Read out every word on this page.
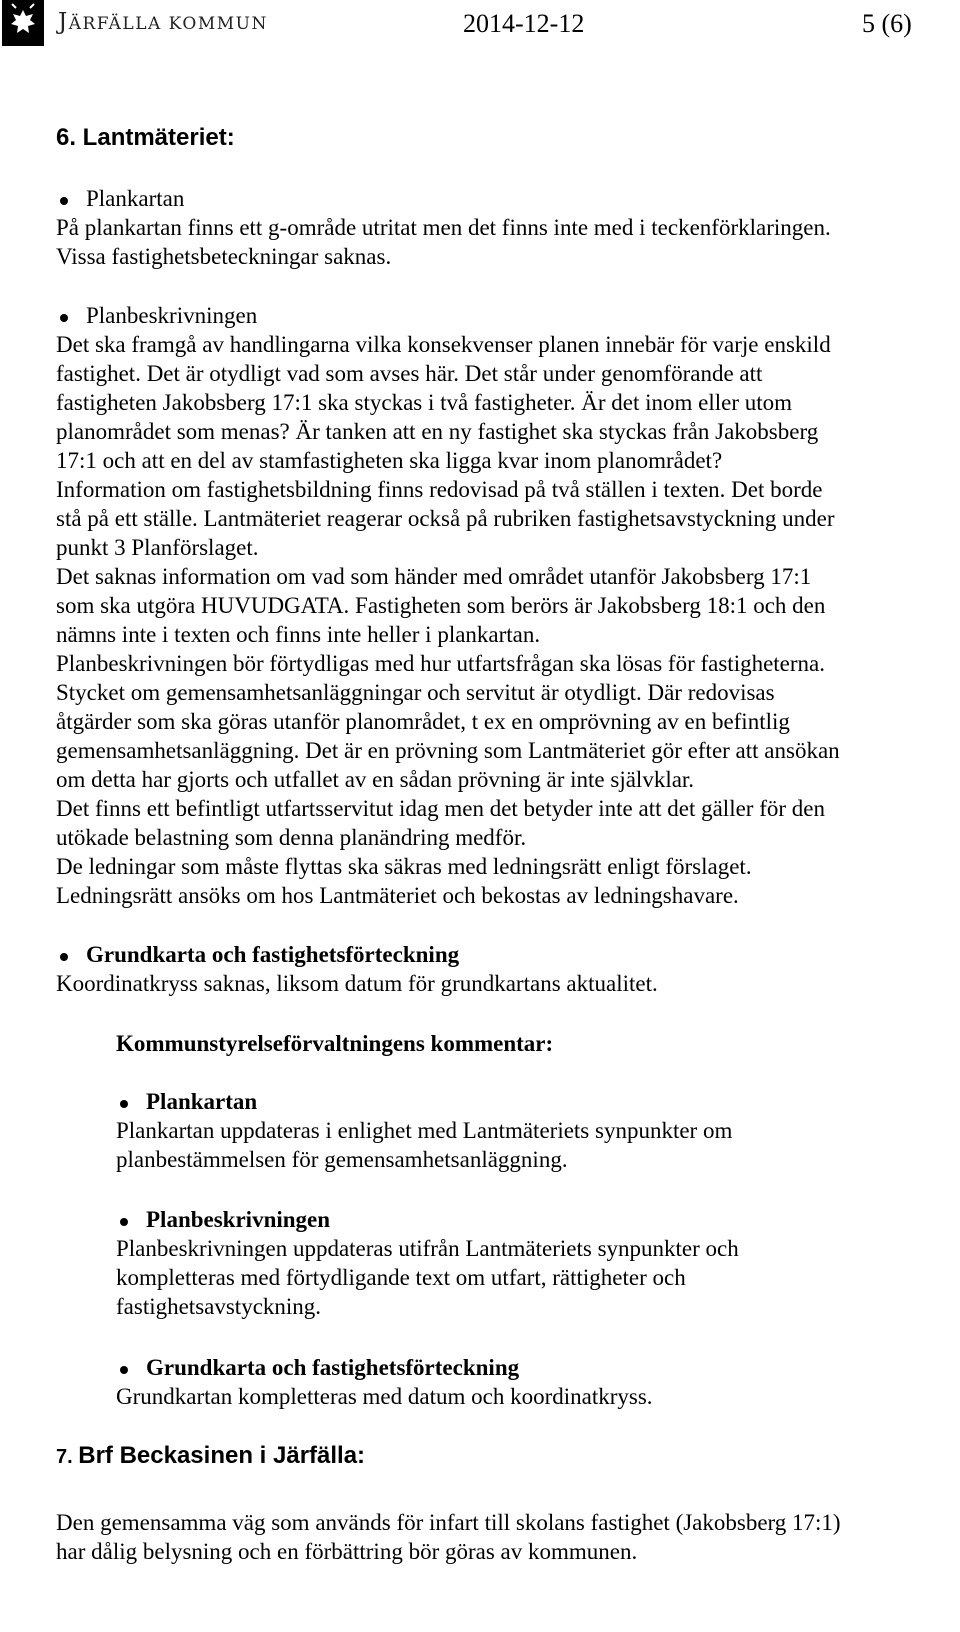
JÄRFÄLLA KOMMUN	2014-12-12	5 (6)
6. Lantmäteriet:
Plankartan
På plankartan finns ett g-område utritat men det finns inte med i teckenförklaringen.
Vissa fastighetsbeteckningar saknas.
Planbeskrivningen
Det ska framgå av handlingarna vilka konsekvenser planen innebär för varje enskild
fastighet. Det är otydligt vad som avses här. Det står under genomförande att
fastigheten Jakobsberg 17:1 ska styckas i två fastigheter. Är det inom eller utom
planområdet som menas? Är tanken att en ny fastighet ska styckas från Jakobsberg
17:1 och att en del av stamfastigheten ska ligga kvar inom planområdet?
Information om fastighetsbildning finns redovisad på två ställen i texten. Det borde
stå på ett ställe. Lantmäteriet reagerar också på rubriken fastighetsavstyckning under
punkt 3 Planförslaget.
Det saknas information om vad som händer med området utanför Jakobsberg 17:1
som ska utgöra HUVUDGATA. Fastigheten som berörs är Jakobsberg 18:1 och den
nämns inte i texten och finns inte heller i plankartan.
Planbeskrivningen bör förtydligas med hur utfartsfrågan ska lösas för fastigheterna.
Stycket om gemensamhetsanläggningar och servitut är otydligt. Där redovisas
åtgärder som ska göras utanför planområdet, t ex en omprövning av en befintlig
gemensamhetsanläggning. Det är en prövning som Lantmäteriet gör efter att ansökan
om detta har gjorts och utfallet av en sådan prövning är inte självklar.
Det finns ett befintligt utfartsservitut idag men det betyder inte att det gäller för den
utökade belastning som denna planändring medför.
De ledningar som måste flyttas ska säkras med ledningsrätt enligt förslaget.
Ledningsrätt ansöks om hos Lantmäteriet och bekostas av ledningshavare.
Grundkarta och fastighetsförteckning
Koordinatkryss saknas, liksom datum för grundkartans aktualitet.
Kommunstyrelseförvaltningens kommentar:
Plankartan
Plankartan uppdateras i enlighet med Lantmäteriets synpunkter om
planbestämmelsen för gemensamhetsanläggning.
Planbeskrivningen
Planbeskrivningen uppdateras utifrån Lantmäteriets synpunkter och
kompletteras med förtydligande text om utfart, rättigheter och
fastighetsavstyckning.
Grundkarta och fastighetsförteckning
Grundkartan kompletteras med datum och koordinatkryss.
7. Brf Beckasinen i Järfälla:
Den gemensamma väg som används för infart till skolans fastighet (Jakobsberg 17:1)
har dålig belysning och en förbättring bör göras av kommunen.
